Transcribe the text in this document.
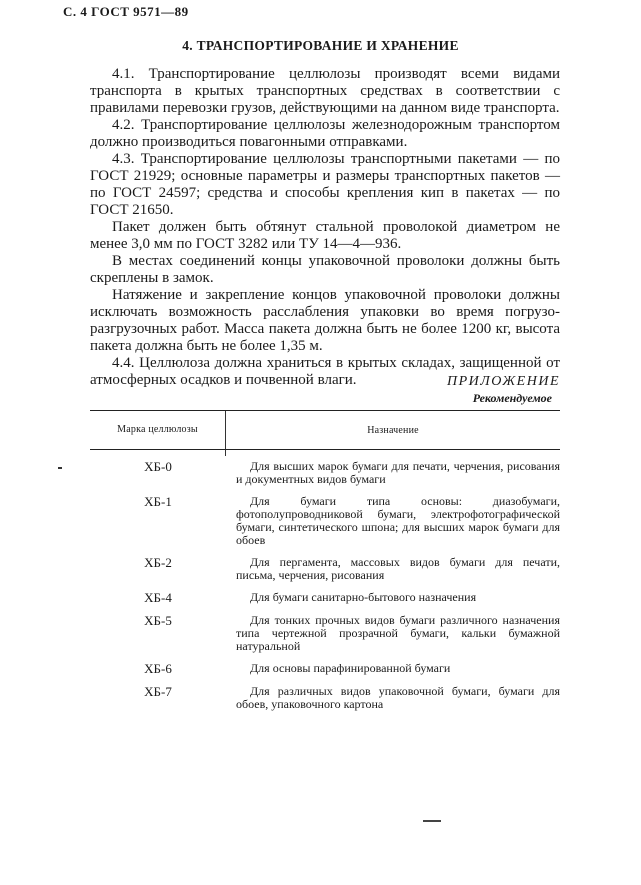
С. 4 ГОСТ 9571—89
4. ТРАНСПОРТИРОВАНИЕ И ХРАНЕНИЕ

4.1. Транспортирование целлюлозы производят всеми видами транспорта в крытых транспортных средствах в соответствии с правилами перевозки грузов, действующими на данном виде транспорта.

4.2. Транспортирование целлюлозы железнодорожным транспортом должно производиться повагонными отправками.

4.3. Транспортирование целлюлозы транспортными пакетами — по ГОСТ 21929; основные параметры и размеры транспортных пакетов — по ГОСТ 24597; средства и способы крепления кип в пакетах — по ГОСТ 21650.

Пакет должен быть обтянут стальной проволокой диаметром не менее 3,0 мм по ГОСТ 3282 или ТУ 14—4—936.

В местах соединений концы упаковочной проволоки должны быть скреплены в замок.

Натяжение и закрепление концов упаковочной проволоки должны исключать возможность расслабления упаковки во время погрузо-разгрузочных работ. Масса пакета должна быть не более 1200 кг, высота пакета должна быть не более 1,35 м.

4.4. Целлюлоза должна храниться в крытых складах, защищенной от атмосферных осадков и почвенной влаги.	ПРИЛОЖЕНИЕ
Рекомендуемое
Марка целлюлозы	Назначение
ХБ-0	Для высших марок бумаги для печати, черчения, рисования и документных видов бумаги
ХБ-1	Для бумаги типа основы: диазобумаги, фотополупроводниковой бумаги, электрофотографической бумаги, синтетического шпона; для высших марок бумаги для обоев
ХБ-2	Для пергамента, массовых видов бумаги для печати, письма, черчения, рисования
ХБ-4	Для бумаги санитарно-бытового назначения
ХБ-5	Для тонких прочных видов бумаги различного назначения типа чертежной прозрачной бумаги, кальки бумажной натуральной
ХБ-6	Для основы парафинированной бумаги
ХБ-7	Для различных видов упаковочной бумаги, бумаги для обоев, упаковочного картона
